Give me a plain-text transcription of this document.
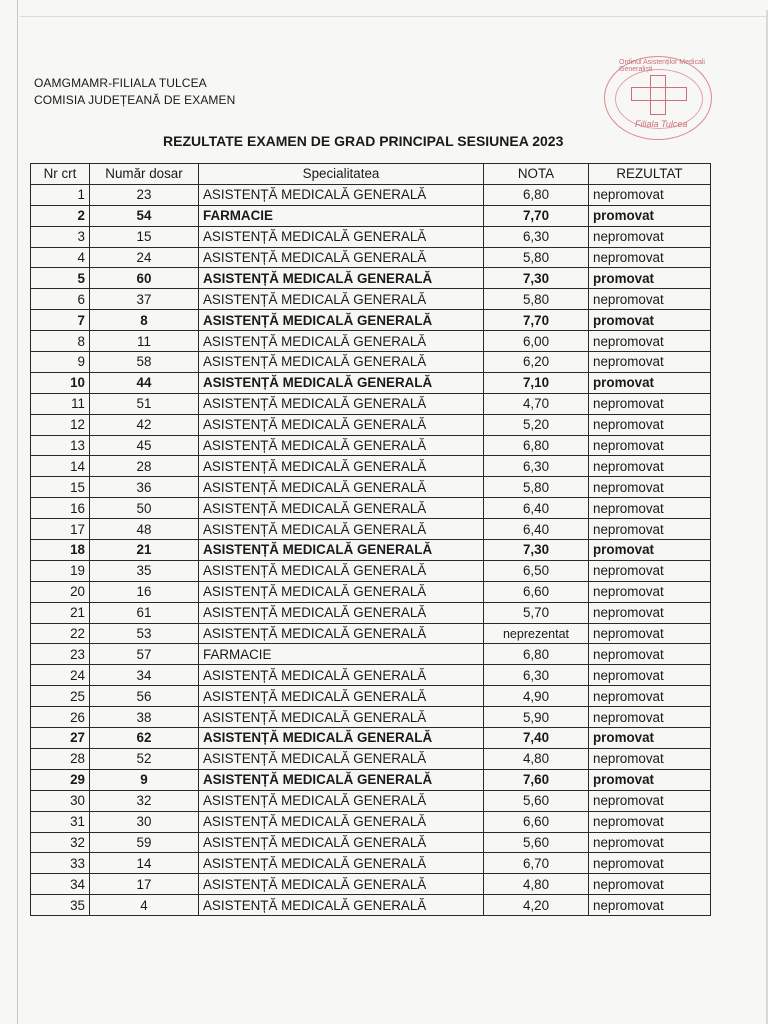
OAMGMAMR-FILIALA TULCEA
COMISIA JUDEȚEANĂ DE EXAMEN
Ordinul Asistenților Medicali Generaliști
Filiala Tulcea
REZULTATE EXAMEN DE GRAD PRINCIPAL SESIUNEA 2023
Nr crt	Număr dosar	Specialitatea	NOTA	REZULTAT
1	23	ASISTENȚĂ MEDICALĂ GENERALĂ	6,80	nepromovat
2	54	FARMACIE	7,70	promovat
3	15	ASISTENȚĂ MEDICALĂ GENERALĂ	6,30	nepromovat
4	24	ASISTENȚĂ MEDICALĂ GENERALĂ	5,80	nepromovat
5	60	ASISTENȚĂ MEDICALĂ GENERALĂ	7,30	promovat
6	37	ASISTENȚĂ MEDICALĂ GENERALĂ	5,80	nepromovat
7	8	ASISTENȚĂ MEDICALĂ GENERALĂ	7,70	promovat
8	11	ASISTENȚĂ MEDICALĂ GENERALĂ	6,00	nepromovat
9	58	ASISTENȚĂ MEDICALĂ GENERALĂ	6,20	nepromovat
10	44	ASISTENȚĂ MEDICALĂ GENERALĂ	7,10	promovat
11	51	ASISTENȚĂ MEDICALĂ GENERALĂ	4,70	nepromovat
12	42	ASISTENȚĂ MEDICALĂ GENERALĂ	5,20	nepromovat
13	45	ASISTENȚĂ MEDICALĂ GENERALĂ	6,80	nepromovat
14	28	ASISTENȚĂ MEDICALĂ GENERALĂ	6,30	nepromovat
15	36	ASISTENȚĂ MEDICALĂ GENERALĂ	5,80	nepromovat
16	50	ASISTENȚĂ MEDICALĂ GENERALĂ	6,40	nepromovat
17	48	ASISTENȚĂ MEDICALĂ GENERALĂ	6,40	nepromovat
18	21	ASISTENȚĂ MEDICALĂ GENERALĂ	7,30	promovat
19	35	ASISTENȚĂ MEDICALĂ GENERALĂ	6,50	nepromovat
20	16	ASISTENȚĂ MEDICALĂ GENERALĂ	6,60	nepromovat
21	61	ASISTENȚĂ MEDICALĂ GENERALĂ	5,70	nepromovat
22	53	ASISTENȚĂ MEDICALĂ GENERALĂ	neprezentat	nepromovat
23	57	FARMACIE	6,80	nepromovat
24	34	ASISTENȚĂ MEDICALĂ GENERALĂ	6,30	nepromovat
25	56	ASISTENȚĂ MEDICALĂ GENERALĂ	4,90	nepromovat
26	38	ASISTENȚĂ MEDICALĂ GENERALĂ	5,90	nepromovat
27	62	ASISTENȚĂ MEDICALĂ GENERALĂ	7,40	promovat
28	52	ASISTENȚĂ MEDICALĂ GENERALĂ	4,80	nepromovat
29	9	ASISTENȚĂ MEDICALĂ GENERALĂ	7,60	promovat
30	32	ASISTENȚĂ MEDICALĂ GENERALĂ	5,60	nepromovat
31	30	ASISTENȚĂ MEDICALĂ GENERALĂ	6,60	nepromovat
32	59	ASISTENȚĂ MEDICALĂ GENERALĂ	5,60	nepromovat
33	14	ASISTENȚĂ MEDICALĂ GENERALĂ	6,70	nepromovat
34	17	ASISTENȚĂ MEDICALĂ GENERALĂ	4,80	nepromovat
35	4	ASISTENȚĂ MEDICALĂ GENERALĂ	4,20	nepromovat
